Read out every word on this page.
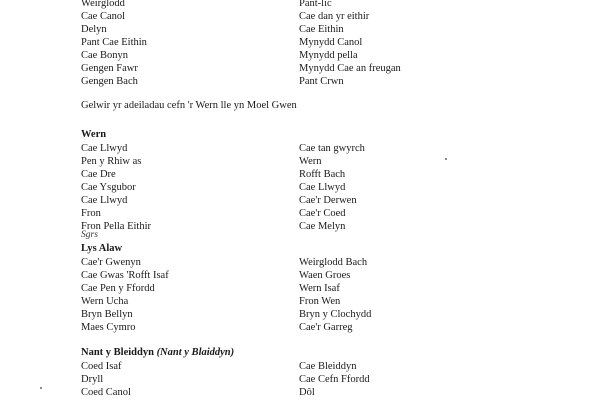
Weirglodd	Pant-lic
Cae Canol	Cae dan yr eithir
Delyn	Cae Eithin
Pant Cae Eithin	Mynydd Canol
Cae Bonyn	Mynydd pella
Gengen Fawr	Mynydd Cae an freugan
Gengen Bach	Pant Crwn
Gelwir yr adeiladau cefn 'r Wern lle yn Moel Gwen
Wern
Cae Llwyd	Cae tan gwyrch
Pen y Rhiw as	Wern
Cae Dre	Rofft Bach
Cae Ysgubor	Cae Llwyd
Cae Llwyd	Cae'r Derwen
Fron	Cae'r Coed
Fron Pella Eithir	Cae Melyn
Sgrs
Lys Alaw
Cae'r Gwenyn	Weirglodd Bach
Cae Gwas 'Rofft Isaf	Waen Groes
Cae Pen y Ffordd	Wern Isaf
Wern Ucha	Fron Wen
Bryn Bellyn	Bryn y Clochydd
Maes Cymro	Cae'r Garreg
Nant y Bleiddyn (Nant y Blaiddyn)
Coed Isaf	Cae Bleiddyn
Dryll	Cae Cefn Ffordd
Coed Canol	Dôl
